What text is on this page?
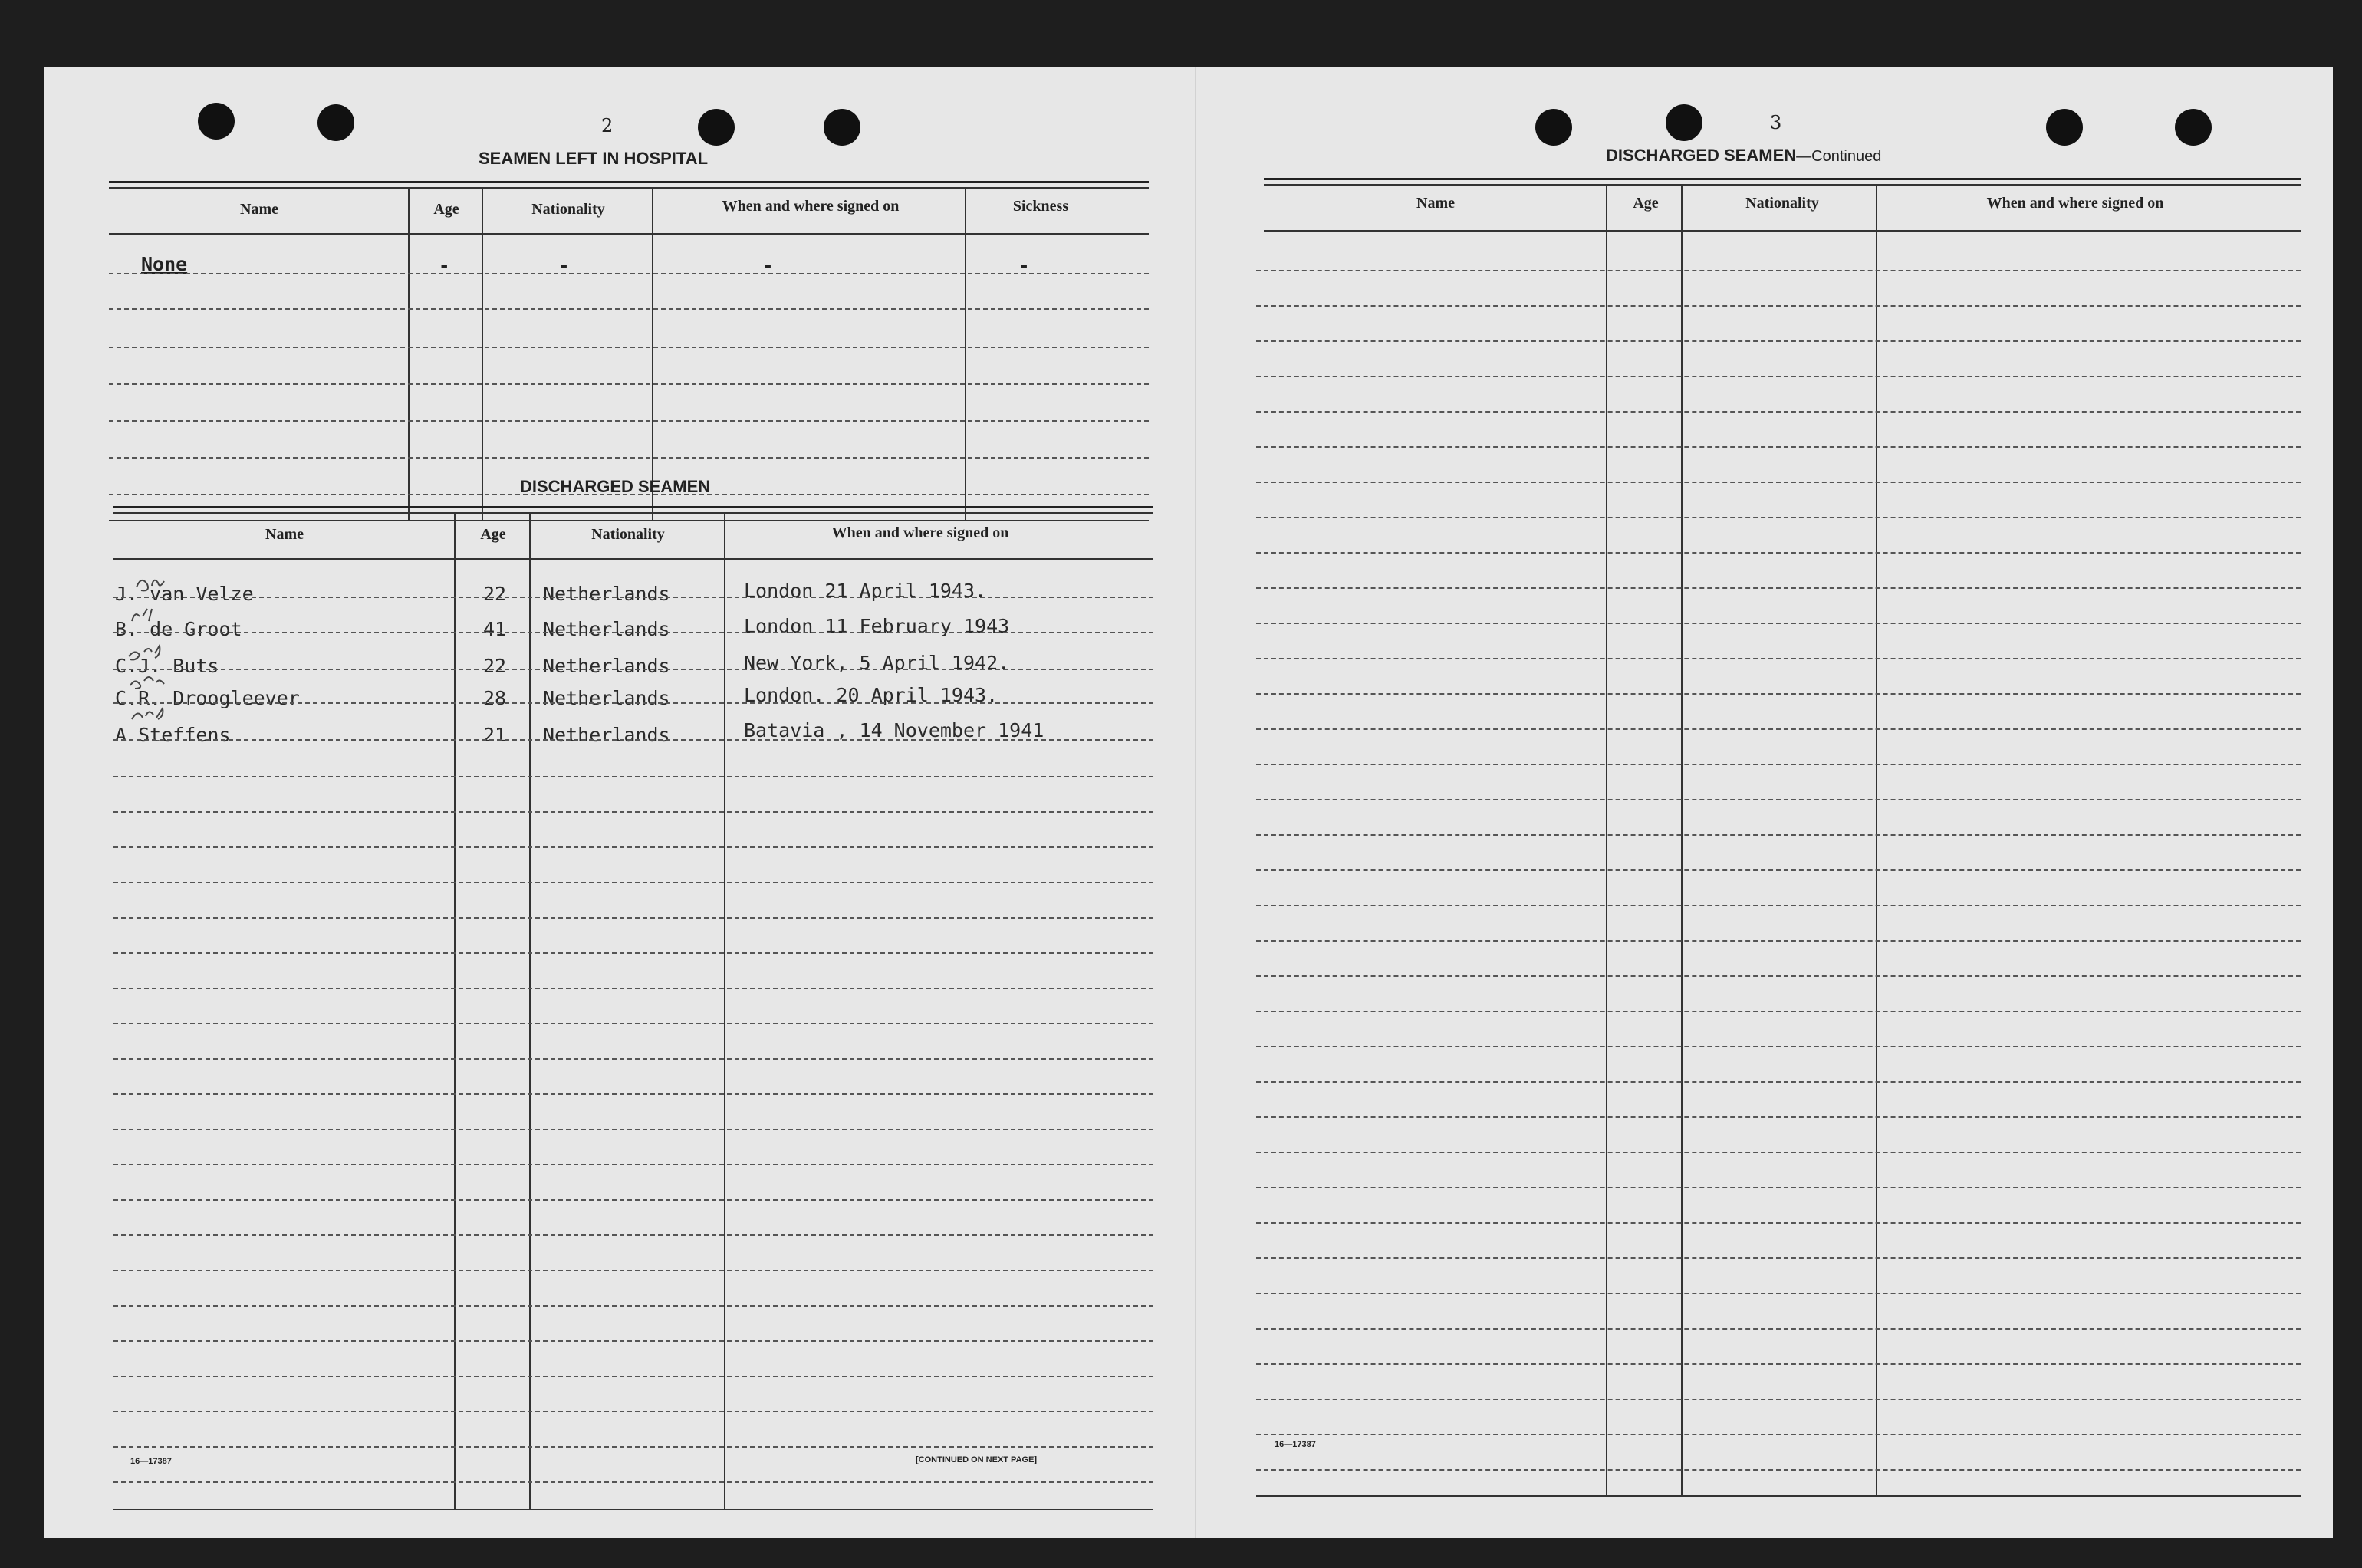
2
SEAMEN LEFT IN HOSPITAL
Name	Age	Nationality	When and where signed on	Sickness
None	-	-	-	-
DISCHARGED SEAMEN
Name	Age	Nationality	When and where signed on
J. van Velze	22 Netherlands	London 21 April 1943.
B. de Groot	41 Netherlands	London 11 February 1943
C.J. Buts	22 Netherlands	New York, 5 April 1942.
C.R. Droogleever	28 Netherlands	London. 20 April 1943.
A Steffens	21 Netherlands	Batavia , 14 November 1941
16—17387	[CONTINUED ON NEXT PAGE]
3
DISCHARGED SEAMEN—Continued
Name	Age	Nationality	When and where signed on
16—17387
